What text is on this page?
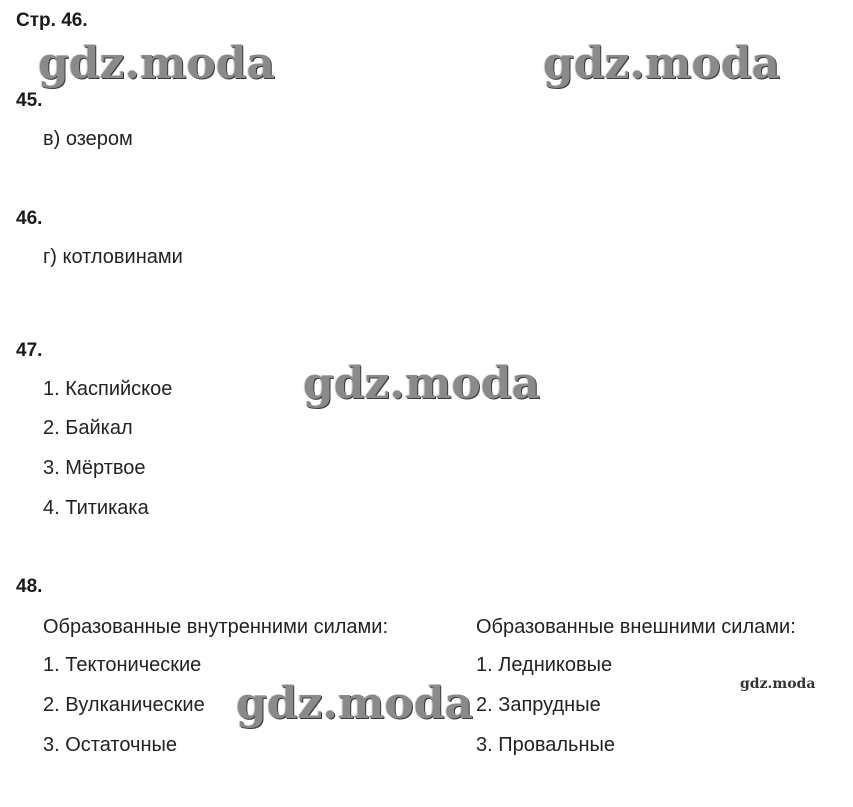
Стр. 46.
gdz.moda	gdz.moda
gdz.moda
gdz.moda	gdz.moda
45.
в) озером
46.
г) котловинами
47.
1. Каспийское
2. Байкал
3. Мёртвое
4. Титикака
48.
Образованные внутренними силами:
1. Тектонические
2. Вулканические
3. Остаточные
Образованные внешними силами:
1. Ледниковые
2. Запрудные
3. Провальные
